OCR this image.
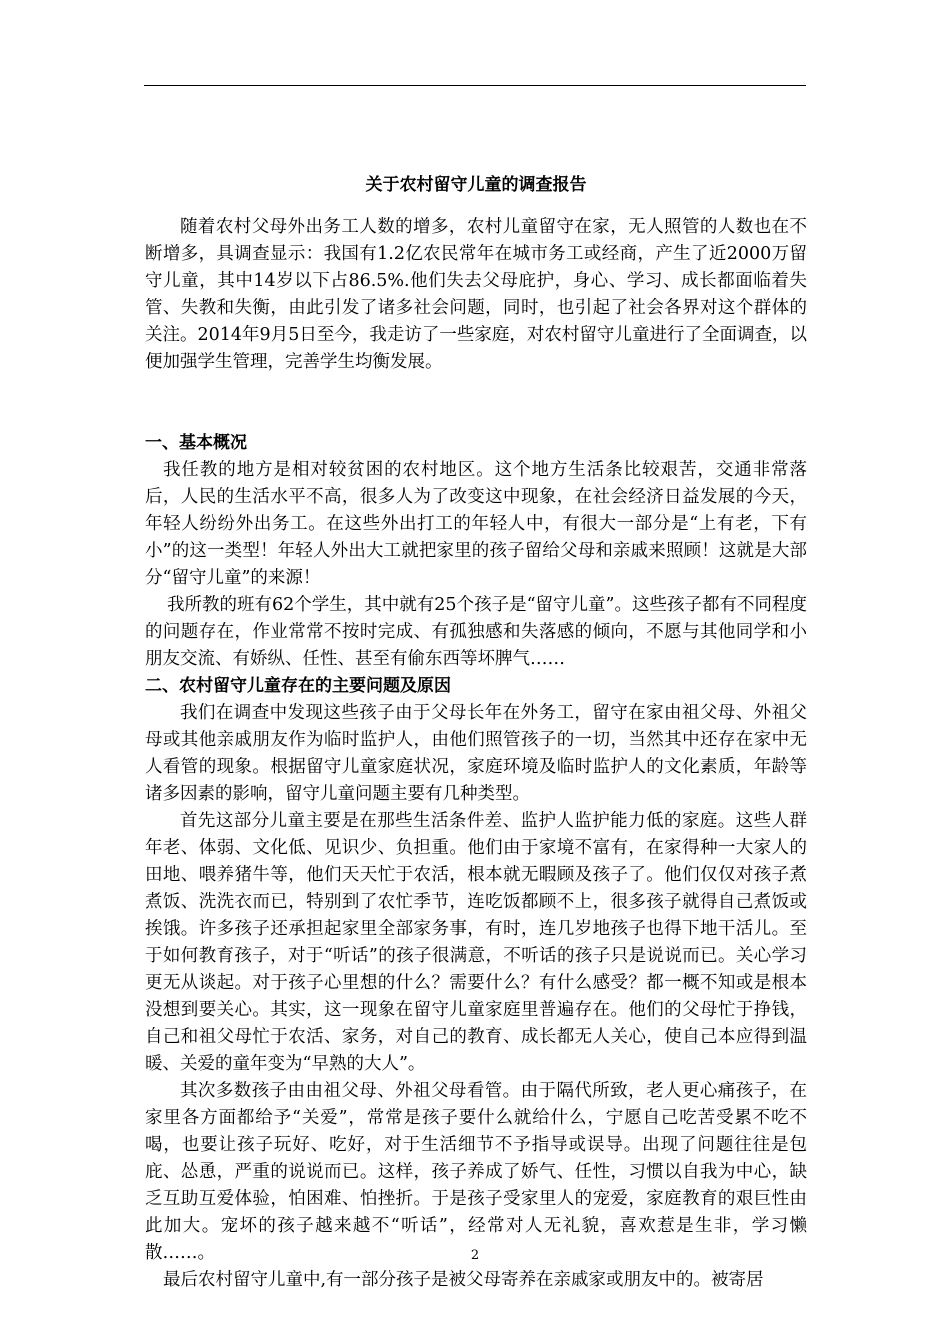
关于农村留守儿童的调查报告

随着农村父母外出务工人数的增多，农村儿童留守在家，无人照管的人数也在不断增多，具调查显示：我国有1.2亿农民常年在城市务工或经商，产生了近2000万留守儿童，其中14岁以下占86.5%.他们失去父母庇护，身心、学习、成长都面临着失管、失教和失衡，由此引发了诸多社会问题，同时，也引起了社会各界对这个群体的关注。2014年9月5日至今，我走访了一些家庭，对农村留守儿童进行了全面调查，以便加强学生管理，完善学生均衡发展。

一、基本概况

我任教的地方是相对较贫困的农村地区。这个地方生活条比较艰苦，交通非常落后，人民的生活水平不高，很多人为了改变这中现象，在社会经济日益发展的今天，年轻人纷纷外出务工。在这些外出打工的年轻人中，有很大一部分是“上有老，下有小”的这一类型！年轻人外出大工就把家里的孩子留给父母和亲戚来照顾！这就是大部分“留守儿童”的来源！

我所教的班有62个学生，其中就有25个孩子是“留守儿童”。这些孩子都有不同程度的问题存在，作业常常不按时完成、有孤独感和失落感的倾向，不愿与其他同学和小朋友交流、有娇纵、任性、甚至有偷东西等坏脾气……

二、农村留守儿童存在的主要问题及原因

我们在调查中发现这些孩子由于父母长年在外务工，留守在家由祖父母、外祖父母或其他亲戚朋友作为临时监护人，由他们照管孩子的一切，当然其中还存在家中无人看管的现象。根据留守儿童家庭状况，家庭环境及临时监护人的文化素质，年龄等诸多因素的影响，留守儿童问题主要有几种类型。

首先这部分儿童主要是在那些生活条件差、监护人监护能力低的家庭。这些人群年老、体弱、文化低、见识少、负担重。他们由于家境不富有，在家得种一大家人的田地、喂养猪牛等，他们天天忙于农活，根本就无暇顾及孩子了。他们仅仅对孩子煮煮饭、洗洗衣而已，特别到了农忙季节，连吃饭都顾不上，很多孩子就得自己煮饭或挨饿。许多孩子还承担起家里全部家务事，有时，连几岁地孩子也得下地干活儿。至于如何教育孩子，对于“听话”的孩子很满意，不听话的孩子只是说说而已。关心学习更无从谈起。对于孩子心里想的什么？需要什么？有什么感受？都一概不知或是根本没想到要关心。其实，这一现象在留守儿童家庭里普遍存在。他们的父母忙于挣钱，自己和祖父母忙于农活、家务，对自己的教育、成长都无人关心，使自己本应得到温暖、关爱的童年变为“早熟的大人”。

其次多数孩子由由祖父母、外祖父母看管。由于隔代所致，老人更心痛孩子，在家里各方面都给予“关爱”，常常是孩子要什么就给什么，宁愿自己吃苦受累不吃不喝，也要让孩子玩好、吃好，对于生活细节不予指导或误导。出现了问题往往是包庇、怂恿，严重的说说而已。这样，孩子养成了娇气、任性，习惯以自我为中心，缺乏互助互爱体验，怕困难、怕挫折。于是孩子受家里人的宠爱，家庭教育的艰巨性由此加大。宠坏的孩子越来越不“听话”，经常对人无礼貌，喜欢惹是生非，学习懒散……。

最后农村留守儿童中,有一部分孩子是被父母寄养在亲戚家或朋友中的。被寄居

2
